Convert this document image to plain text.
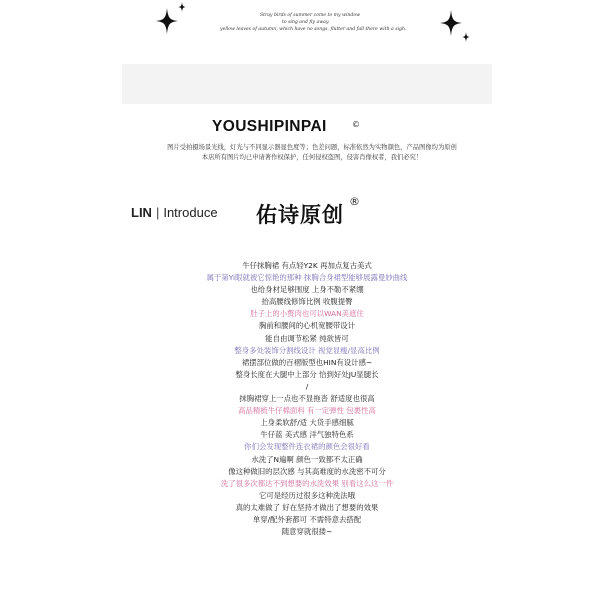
Stray birds of summer come to my window
to sing and fly away.
yellow leaves of autumn, which have no songs, flutter and fall there with a sigh.
YOUSHIPINPAI	©
图片受拍摄场景光线，灯光与不同显示器显色度等；色差问题，标准依然为实物颜色，产品图像均为原创
本店所有图片均已申请著作权保护，任何侵权盗图，侵害肖像权者，我们必究！
LIN | Introduce 佑诗原创
®
牛仔抹胸裙 有点轻Y2K 再加点复古美式
属于第Yi眼就被它惊艳的那种 抹胸合身裙型能够展露曼妙曲线
也给身材足够围度 上身不勒不紧绷
抬高腰线修饰比例 收腹提臀
肚子上的小赘肉也可以WAN美遮住
胸前和腰间的心机宽腰带设计
能自由调节松紧 纯欲皆可
整身多处装饰分割线设计 视觉显瘦/显高比例
裙摆部位做的百褶版型也HIN有设计感~
整身长度在大腿中上部分 恰到好处JU显腿长
/
抹胸裙穿上一点也不显拖沓 舒适度也很高
高品精梳牛仔棉面料 有一定弹性 包裹性高
上身柔软舒/适 大货手感细腻
牛仔蓝 美式感 洋气独特色系
你们会发现整件连衣裙的颜色会很好看
水洗了N遍啊 颜色一致都不太正确
像这种做旧的层次感 与其高难度的水洗密不可分
洗了很多次都达不到想要的水洗效果 别看这么这一件
它可是经历过很多这种洗法哦
真的太难做了 好在坚持才做出了想要的效果
单穿/配外套都可 不需特意去搭配
随意穿就很搂~
